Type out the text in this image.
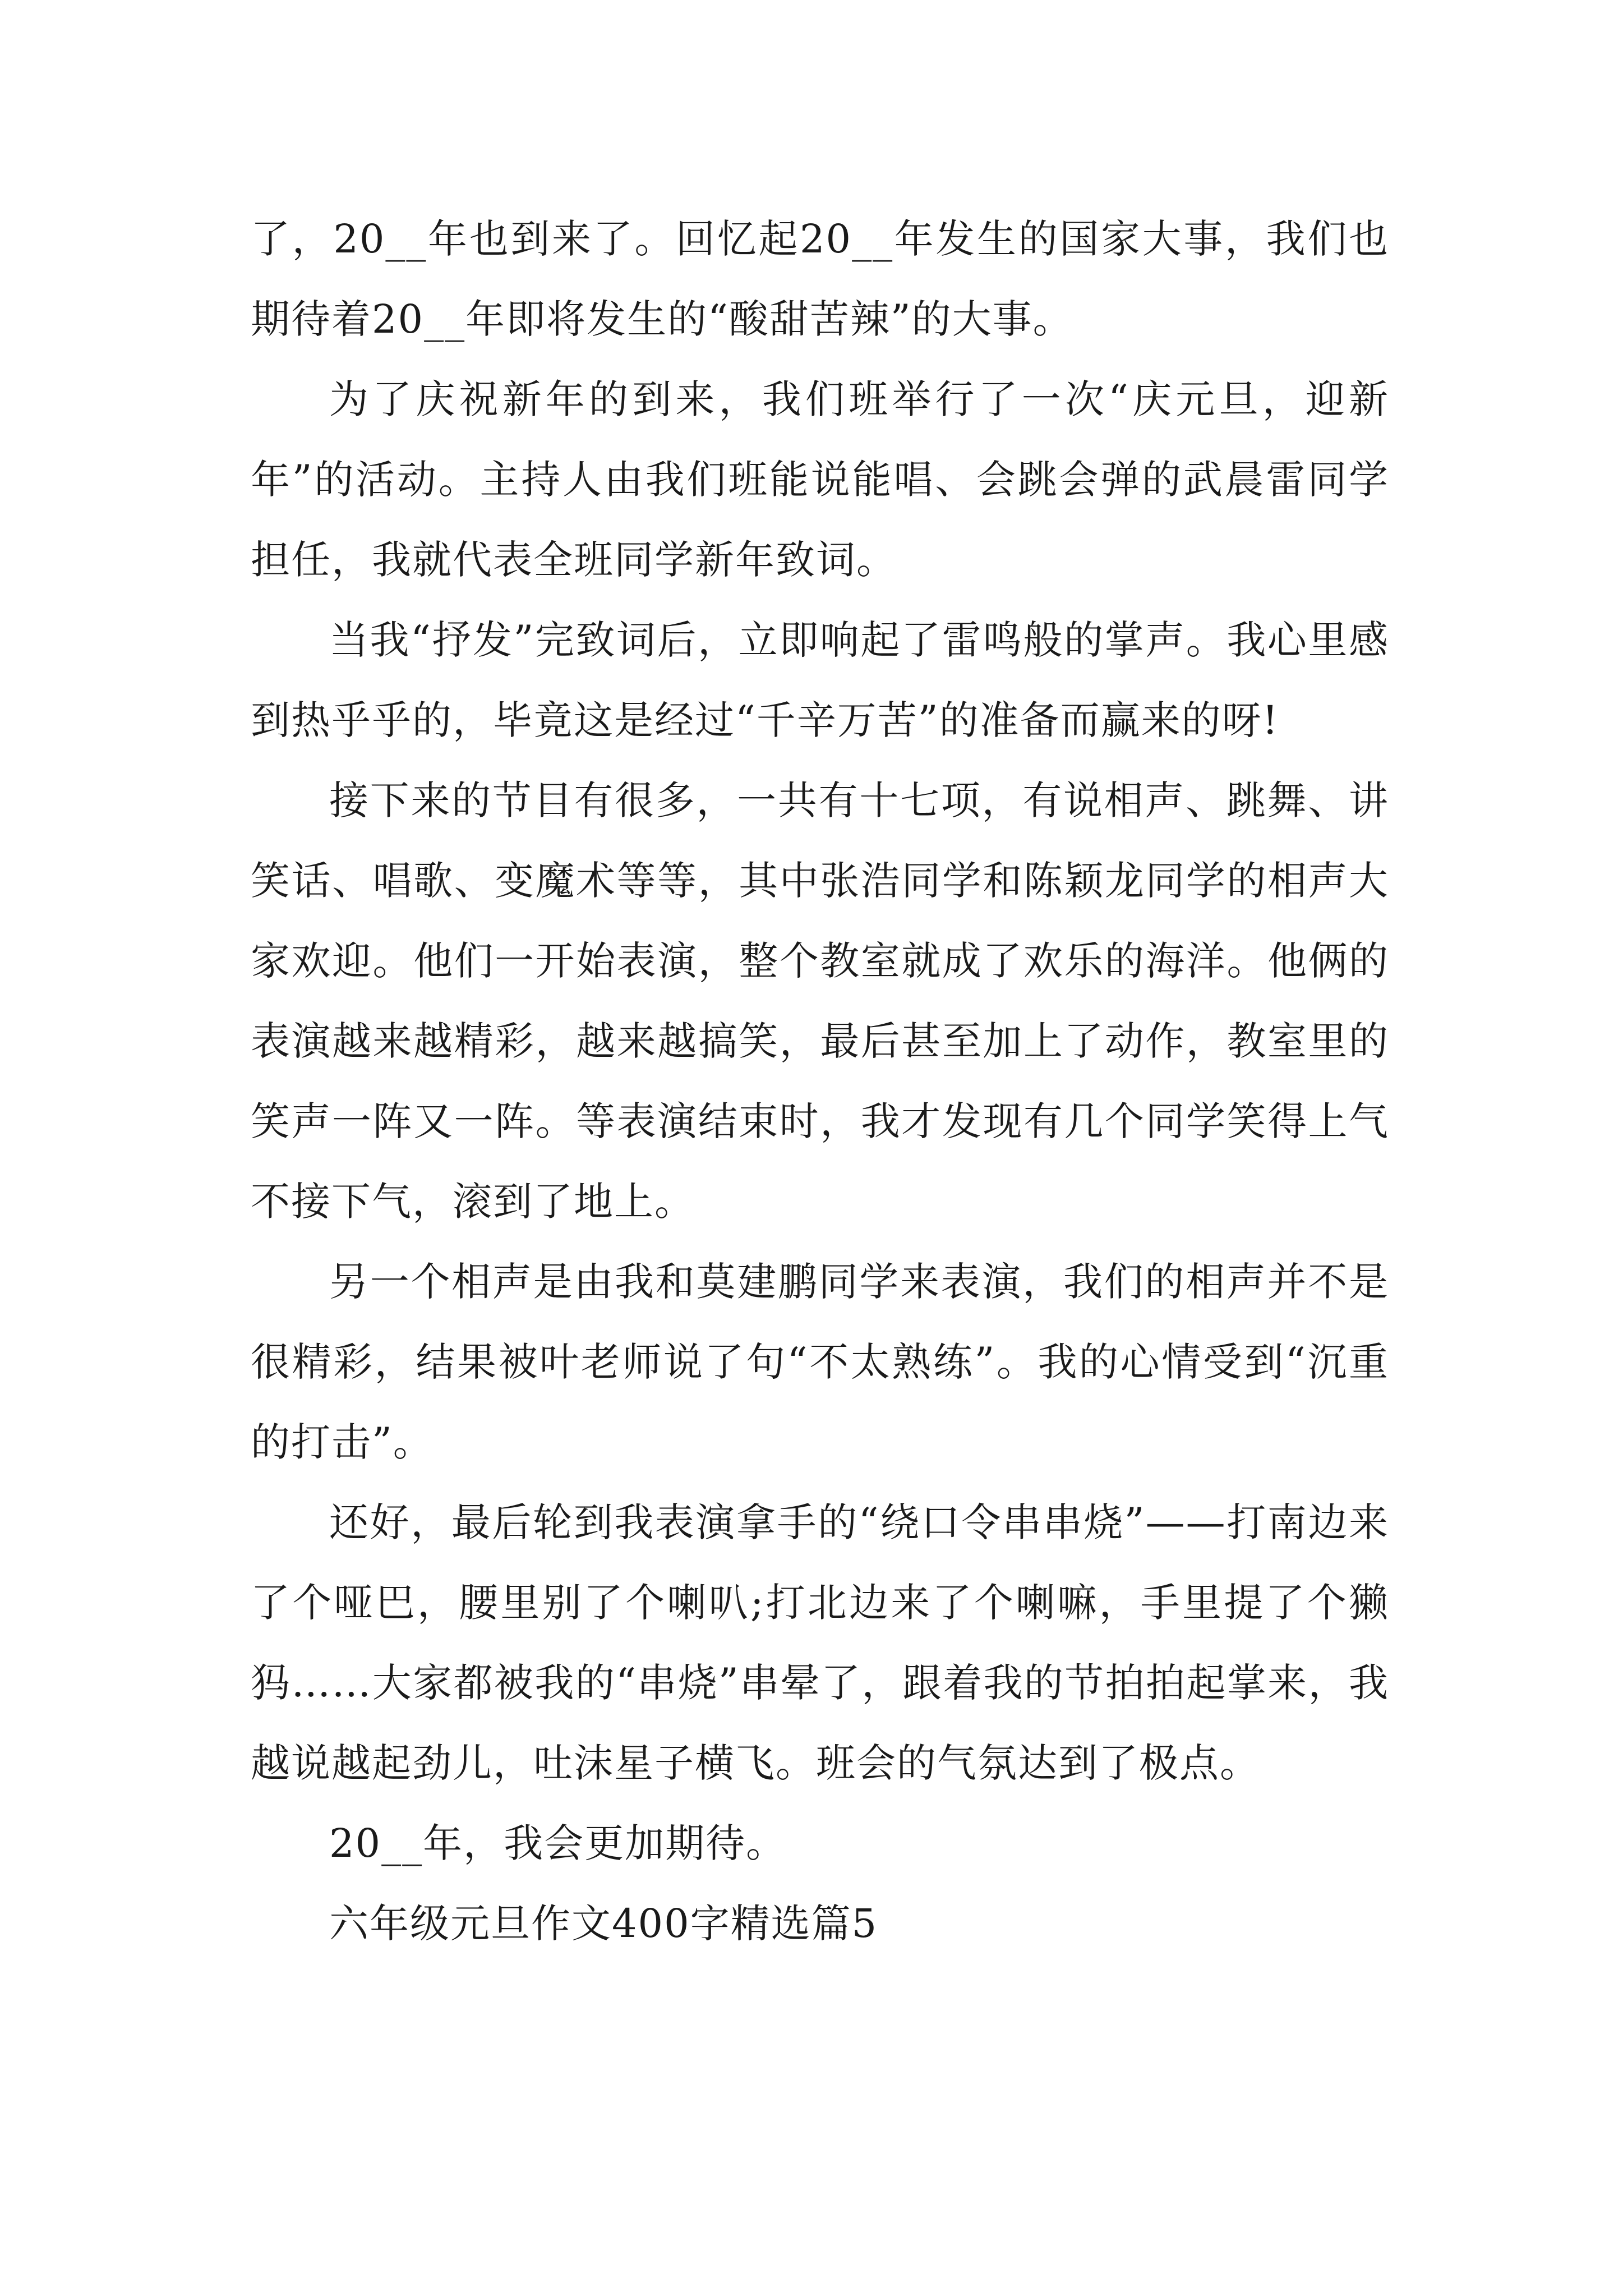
了，20__年也到来了。回忆起20__年发生的国家大事，我们也期待着20__年即将发生的“酸甜苦辣”的大事。

为了庆祝新年的到来，我们班举行了一次“庆元旦，迎新年”的活动。主持人由我们班能说能唱、会跳会弹的武晨雷同学担任，我就代表全班同学新年致词。

当我“抒发”完致词后，立即响起了雷鸣般的掌声。我心里感到热乎乎的，毕竟这是经过“千辛万苦”的准备而赢来的呀!

接下来的节目有很多，一共有十七项，有说相声、跳舞、讲笑话、唱歌、变魔术等等，其中张浩同学和陈颖龙同学的相声大家欢迎。他们一开始表演，整个教室就成了欢乐的海洋。他俩的表演越来越精彩，越来越搞笑，最后甚至加上了动作，教室里的笑声一阵又一阵。等表演结束时，我才发现有几个同学笑得上气不接下气，滚到了地上。

另一个相声是由我和莫建鹏同学来表演，我们的相声并不是很精彩，结果被叶老师说了句“不太熟练”。我的心情受到“沉重的打击”。

还好，最后轮到我表演拿手的“绕口令串串烧”——打南边来了个哑巴，腰里别了个喇叭;打北边来了个喇嘛，手里提了个獭犸……大家都被我的“串烧”串晕了，跟着我的节拍拍起掌来，我越说越起劲儿，吐沫星子横飞。班会的气氛达到了极点。

20__年，我会更加期待。

六年级元旦作文400字精选篇5
